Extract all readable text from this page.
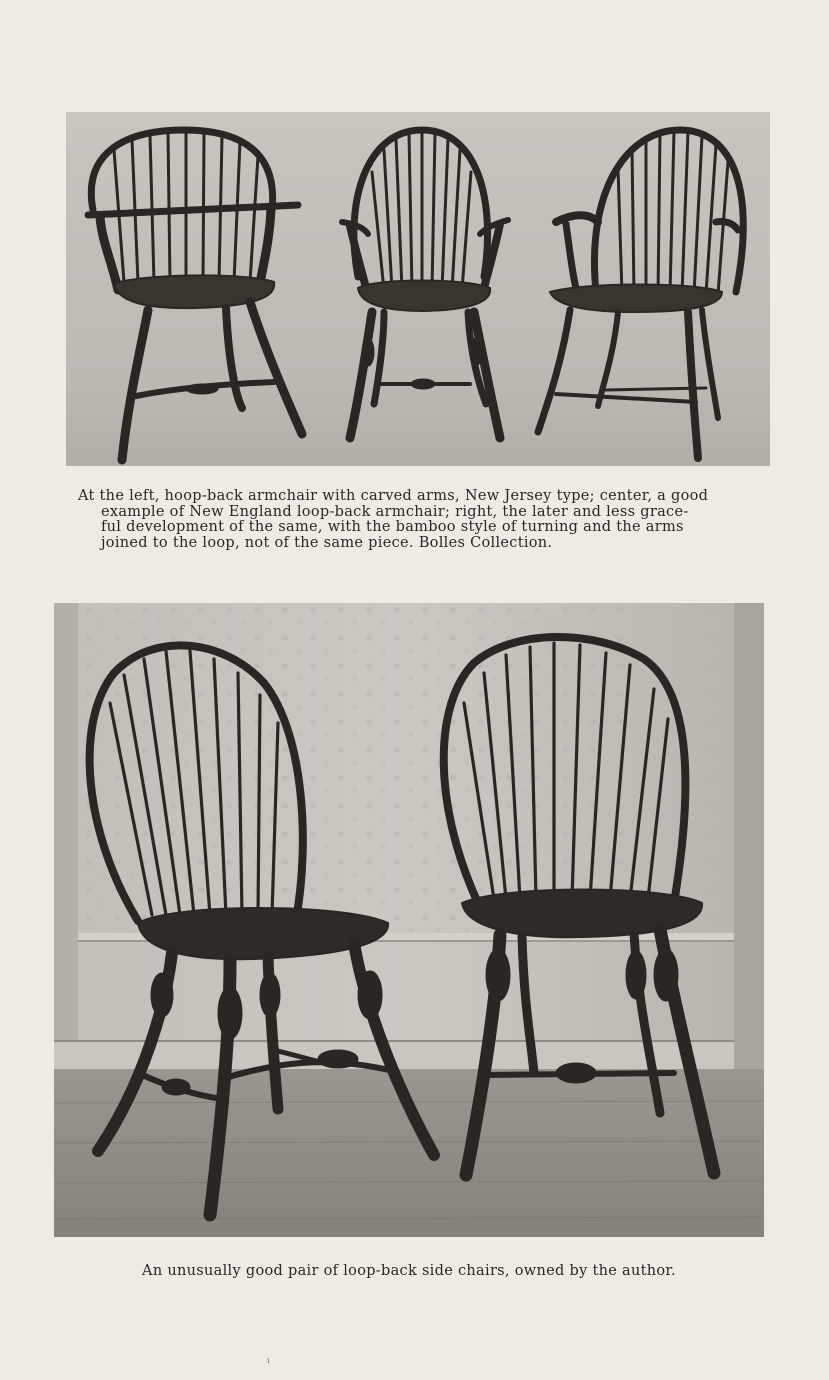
At the left, hoop-back armchair with carved arms, New Jersey type; center, a good
example of New England loop-back armchair; right, the later and less grace-
ful development of the same, with the bamboo style of turning and the arms
joined to the loop, not of the same piece. Bolles Collection.

An unusually good pair of loop-back side chairs, owned by the author.

ı
